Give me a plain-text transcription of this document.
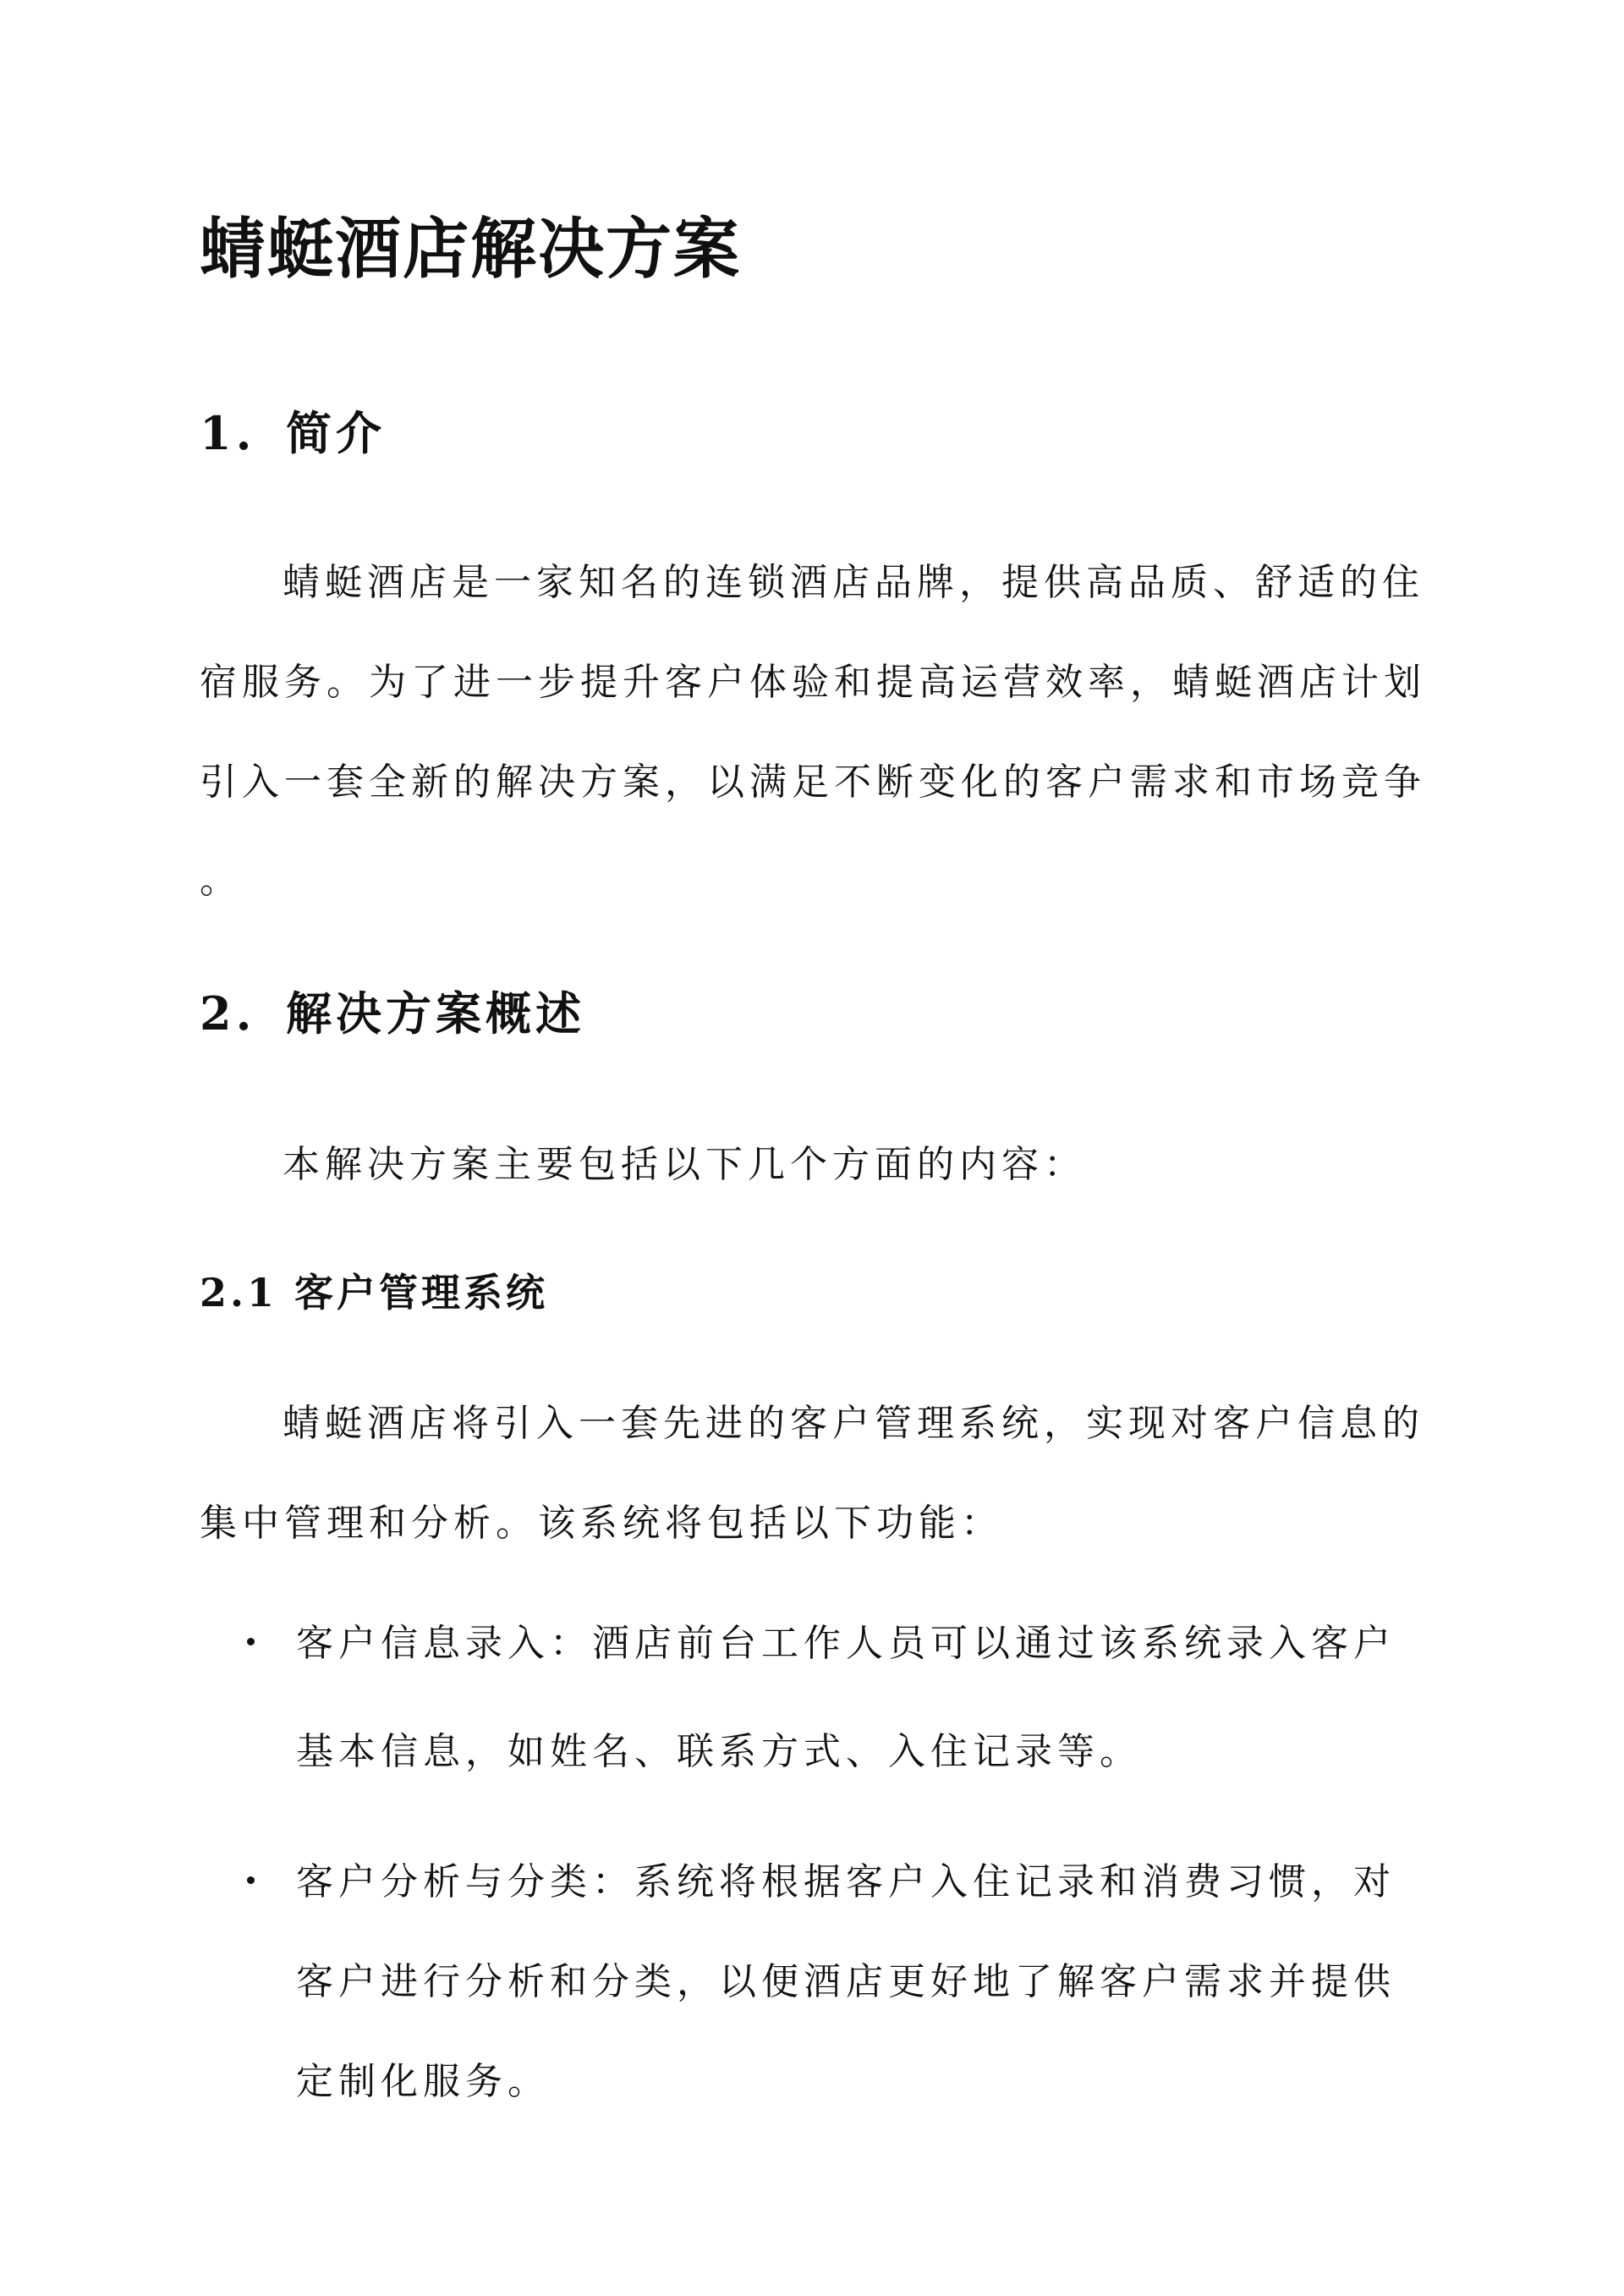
蜻蜓酒店解决方案
1. 简介

蜻蜓酒店是一家知名的连锁酒店品牌，提供高品质、舒适的住

宿服务。为了进一步提升客户体验和提高运营效率，蜻蜓酒店计划

引入一套全新的解决方案，以满足不断变化的客户需求和市场竞争

。

2. 解决方案概述

本解决方案主要包括以下几个方面的内容：

2.1 客户管理系统

蜻蜓酒店将引入一套先进的客户管理系统，实现对客户信息的

集中管理和分析。该系统将包括以下功能：

客户信息录入：酒店前台工作人员可以通过该系统录入客户

基本信息，如姓名、联系方式、入住记录等。

客户分析与分类：系统将根据客户入住记录和消费习惯，对

客户进行分析和分类，以便酒店更好地了解客户需求并提供

定制化服务。
